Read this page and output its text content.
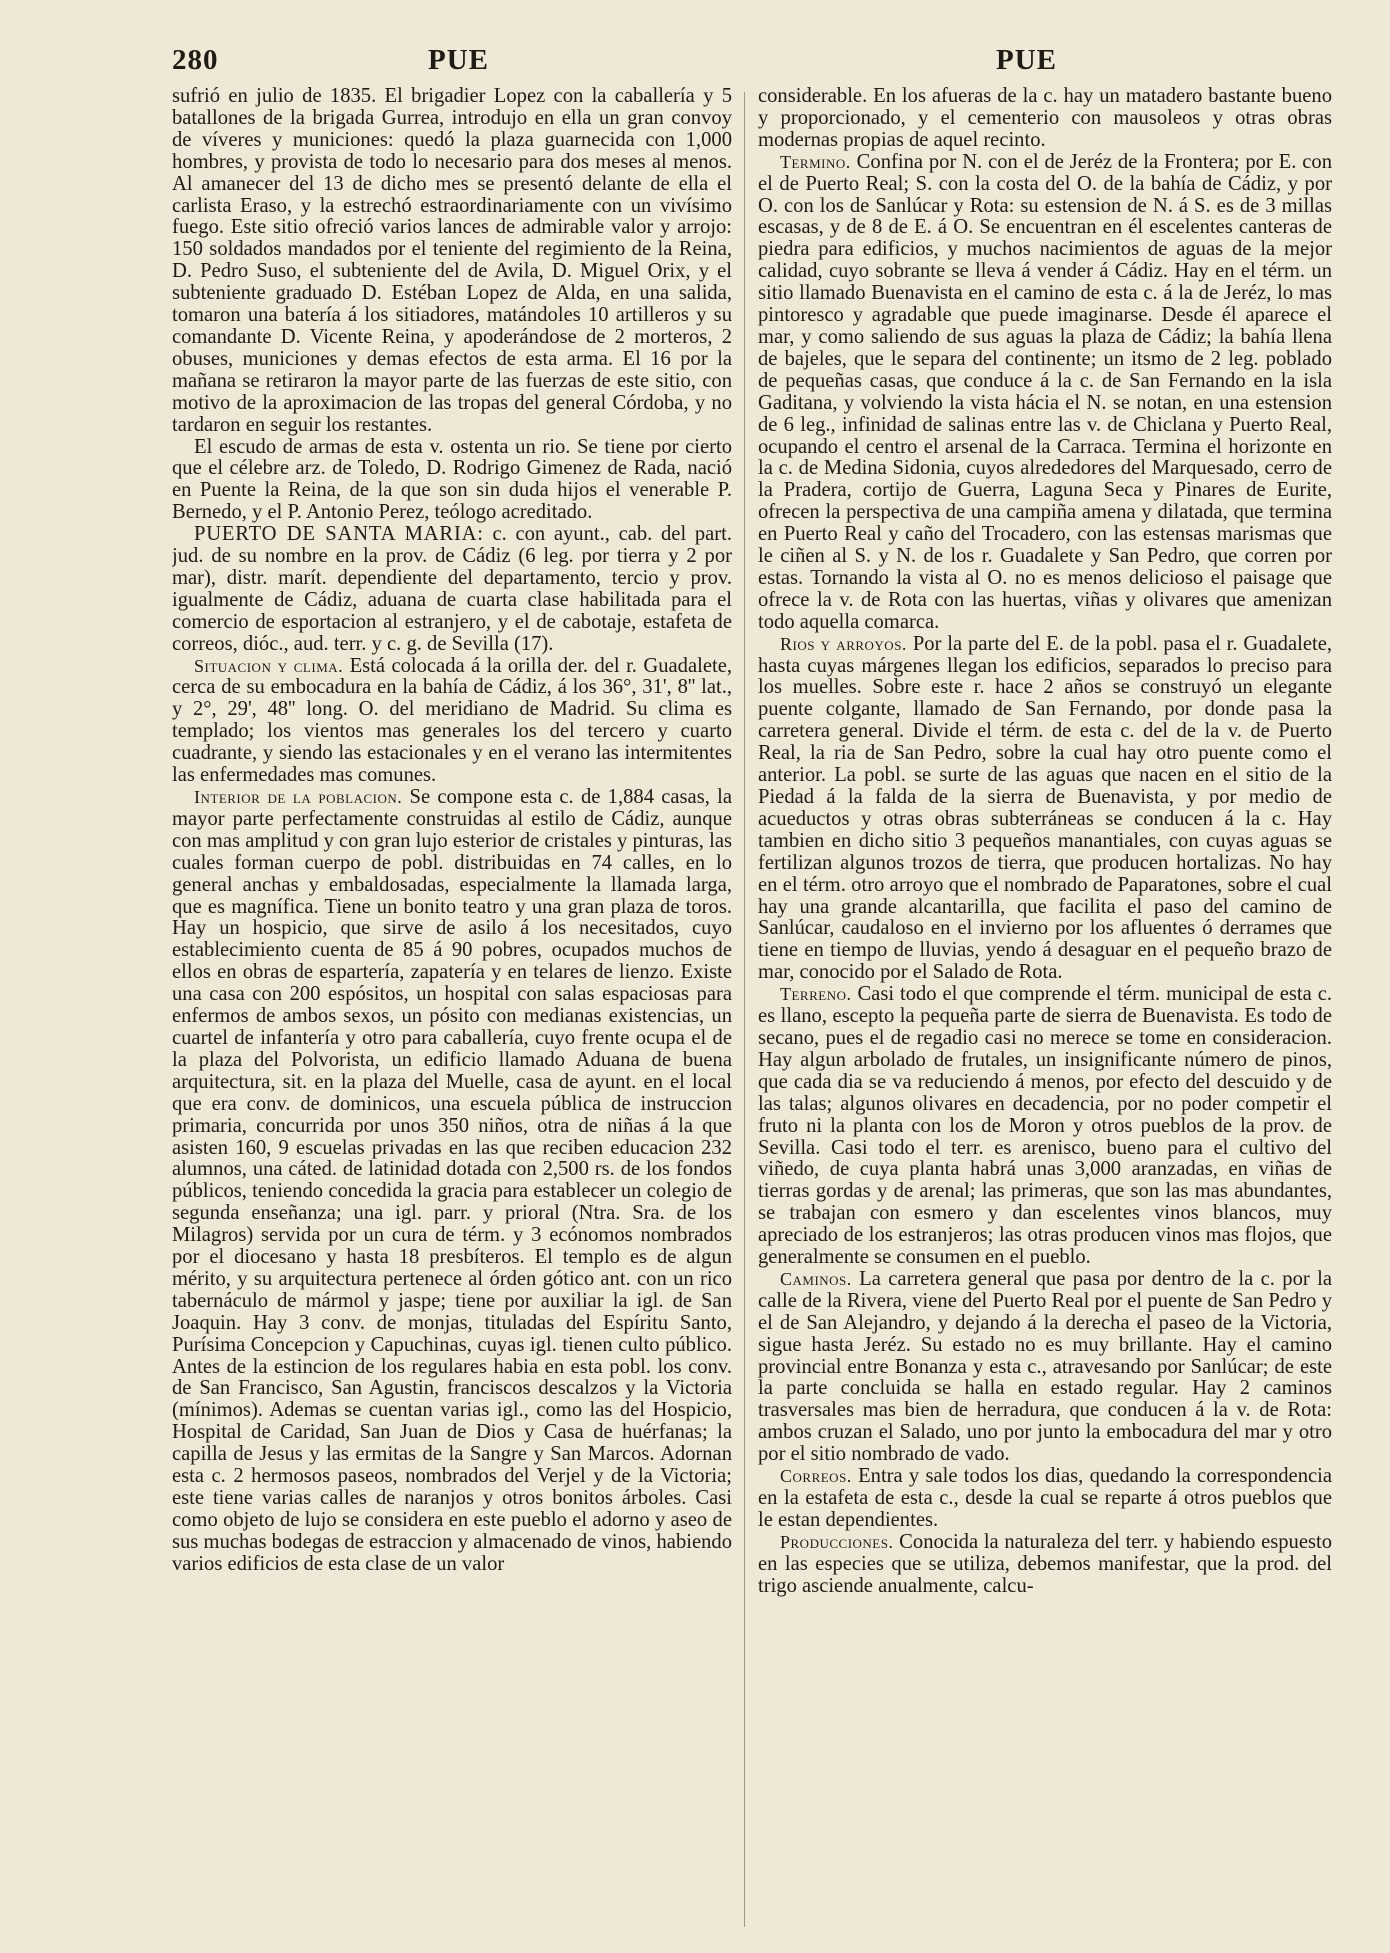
280	PUE	PUE

sufrió en julio de 1835. El brigadier Lopez con la caballería y 5 batallones de la brigada Gurrea, introdujo en ella un gran convoy de víveres y municiones: quedó la plaza guarnecida con 1,000 hombres, y provista de todo lo necesario para dos meses al menos. Al amanecer del 13 de dicho mes se presentó delante de ella el carlista Eraso, y la estrechó estraordinariamente con un vivísimo fuego. Este sitio ofreció varios lances de admirable valor y arrojo: 150 soldados mandados por el teniente del regimiento de la Reina, D. Pedro Suso, el subteniente del de Avila, D. Miguel Orix, y el subteniente graduado D. Estéban Lopez de Alda, en una salida, tomaron una batería á los sitiadores, matándoles 10 artilleros y su comandante D. Vicente Reina, y apoderándose de 2 morteros, 2 obuses, municiones y demas efectos de esta arma. El 16 por la mañana se retiraron la mayor parte de las fuerzas de este sitio, con motivo de la aproximacion de las tropas del general Córdoba, y no tardaron en seguir los restantes.

El escudo de armas de esta v. ostenta un rio. Se tiene por cierto que el célebre arz. de Toledo, D. Rodrigo Gimenez de Rada, nació en Puente la Reina, de la que son sin duda hijos el venerable P. Bernedo, y el P. Antonio Perez, teólogo acreditado.

PUERTO DE SANTA MARIA: c. con ayunt., cab. del part. jud. de su nombre en la prov. de Cádiz (6 leg. por tierra y 2 por mar), distr. marít. dependiente del departamento, tercio y prov. igualmente de Cádiz, aduana de cuarta clase habilitada para el comercio de esportacion al estranjero, y el de cabotaje, estafeta de correos, dióc., aud. terr. y c. g. de Sevilla (17).

Situacion y clima. Está colocada á la orilla der. del r. Guadalete, cerca de su embocadura en la bahía de Cádiz, á los 36°, 31', 8'' lat., y 2°, 29', 48'' long. O. del meridiano de Madrid. Su clima es templado; los vientos mas generales los del tercero y cuarto cuadrante, y siendo las estacionales y en el verano las intermitentes las enfermedades mas comunes.

Interior de la poblacion. Se compone esta c. de 1,884 casas, la mayor parte perfectamente construidas al estilo de Cádiz, aunque con mas amplitud y con gran lujo esterior de cristales y pinturas, las cuales forman cuerpo de pobl. distribuidas en 74 calles, en lo general anchas y embaldosadas, especialmente la llamada larga, que es magnífica. Tiene un bonito teatro y una gran plaza de toros. Hay un hospicio, que sirve de asilo á los necesitados, cuyo establecimiento cuenta de 85 á 90 pobres, ocupados muchos de ellos en obras de espartería, zapatería y en telares de lienzo. Existe una casa con 200 espósitos, un hospital con salas espaciosas para enfermos de ambos sexos, un pósito con medianas existencias, un cuartel de infantería y otro para caballería, cuyo frente ocupa el de la plaza del Polvorista, un edificio llamado Aduana de buena arquitectura, sit. en la plaza del Muelle, casa de ayunt. en el local que era conv. de dominicos, una escuela pública de instruccion primaria, concurrida por unos 350 niños, otra de niñas á la que asisten 160, 9 escuelas privadas en las que reciben educacion 232 alumnos, una cáted. de latinidad dotada con 2,500 rs. de los fondos públicos, teniendo concedida la gracia para establecer un colegio de segunda enseñanza; una igl. parr. y prioral (Ntra. Sra. de los Milagros) servida por un cura de térm. y 3 ecónomos nombrados por el diocesano y hasta 18 presbíteros. El templo es de algun mérito, y su arquitectura pertenece al órden gótico ant. con un rico tabernáculo de mármol y jaspe; tiene por auxiliar la igl. de San Joaquin. Hay 3 conv. de monjas, tituladas del Espíritu Santo, Purísima Concepcion y Capuchinas, cuyas igl. tienen culto público. Antes de la estincion de los regulares habia en esta pobl. los conv. de San Francisco, San Agustin, franciscos descalzos y la Victoria (mínimos). Ademas se cuentan varias igl., como las del Hospicio, Hospital de Caridad, San Juan de Dios y Casa de huérfanas; la capilla de Jesus y las ermitas de la Sangre y San Marcos. Adornan esta c. 2 hermosos paseos, nombrados del Verjel y de la Victoria; este tiene varias calles de naranjos y otros bonitos árboles. Casi como objeto de lujo se considera en este pueblo el adorno y aseo de sus muchas bodegas de estraccion y almacenado de vinos, habiendo varios edificios de esta clase de un valor

considerable. En los afueras de la c. hay un matadero bastante bueno y proporcionado, y el cementerio con mausoleos y otras obras modernas propias de aquel recinto.

Termino. Confina por N. con el de Jeréz de la Frontera; por E. con el de Puerto Real; S. con la costa del O. de la bahía de Cádiz, y por O. con los de Sanlúcar y Rota: su estension de N. á S. es de 3 millas escasas, y de 8 de E. á O. Se encuentran en él escelentes canteras de piedra para edificios, y muchos nacimientos de aguas de la mejor calidad, cuyo sobrante se lleva á vender á Cádiz. Hay en el térm. un sitio llamado Buenavista en el camino de esta c. á la de Jeréz, lo mas pintoresco y agradable que puede imaginarse. Desde él aparece el mar, y como saliendo de sus aguas la plaza de Cádiz; la bahía llena de bajeles, que le separa del continente; un itsmo de 2 leg. poblado de pequeñas casas, que conduce á la c. de San Fernando en la isla Gaditana, y volviendo la vista hácia el N. se notan, en una estension de 6 leg., infinidad de salinas entre las v. de Chiclana y Puerto Real, ocupando el centro el arsenal de la Carraca. Termina el horizonte en la c. de Medina Sidonia, cuyos alrededores del Marquesado, cerro de la Pradera, cortijo de Guerra, Laguna Seca y Pinares de Eurite, ofrecen la perspectiva de una campiña amena y dilatada, que termina en Puerto Real y caño del Trocadero, con las estensas marismas que le ciñen al S. y N. de los r. Guadalete y San Pedro, que corren por estas. Tornando la vista al O. no es menos delicioso el paisage que ofrece la v. de Rota con las huertas, viñas y olivares que amenizan todo aquella comarca.

Rios y arroyos. Por la parte del E. de la pobl. pasa el r. Guadalete, hasta cuyas márgenes llegan los edificios, separados lo preciso para los muelles. Sobre este r. hace 2 años se construyó un elegante puente colgante, llamado de San Fernando, por donde pasa la carretera general. Divide el térm. de esta c. del de la v. de Puerto Real, la ria de San Pedro, sobre la cual hay otro puente como el anterior. La pobl. se surte de las aguas que nacen en el sitio de la Piedad á la falda de la sierra de Buenavista, y por medio de acueductos y otras obras subterráneas se conducen á la c. Hay tambien en dicho sitio 3 pequeños manantiales, con cuyas aguas se fertilizan algunos trozos de tierra, que producen hortalizas. No hay en el térm. otro arroyo que el nombrado de Paparatones, sobre el cual hay una grande alcantarilla, que facilita el paso del camino de Sanlúcar, caudaloso en el invierno por los afluentes ó derrames que tiene en tiempo de lluvias, yendo á desaguar en el pequeño brazo de mar, conocido por el Salado de Rota.

Terreno. Casi todo el que comprende el térm. municipal de esta c. es llano, escepto la pequeña parte de sierra de Buenavista. Es todo de secano, pues el de regadio casi no merece se tome en consideracion. Hay algun arbolado de frutales, un insignificante número de pinos, que cada dia se va reduciendo á menos, por efecto del descuido y de las talas; algunos olivares en decadencia, por no poder competir el fruto ni la planta con los de Moron y otros pueblos de la prov. de Sevilla. Casi todo el terr. es arenisco, bueno para el cultivo del viñedo, de cuya planta habrá unas 3,000 aranzadas, en viñas de tierras gordas y de arenal; las primeras, que son las mas abundantes, se trabajan con esmero y dan escelentes vinos blancos, muy apreciado de los estranjeros; las otras producen vinos mas flojos, que generalmente se consumen en el pueblo.

Caminos. La carretera general que pasa por dentro de la c. por la calle de la Rivera, viene del Puerto Real por el puente de San Pedro y el de San Alejandro, y dejando á la derecha el paseo de la Victoria, sigue hasta Jeréz. Su estado no es muy brillante. Hay el camino provincial entre Bonanza y esta c., atravesando por Sanlúcar; de este la parte concluida se halla en estado regular. Hay 2 caminos trasversales mas bien de herradura, que conducen á la v. de Rota: ambos cruzan el Salado, uno por junto la embocadura del mar y otro por el sitio nombrado de vado.

Correos. Entra y sale todos los dias, quedando la correspondencia en la estafeta de esta c., desde la cual se reparte á otros pueblos que le estan dependientes.

Producciones. Conocida la naturaleza del terr. y habiendo espuesto en las especies que se utiliza, debemos manifestar, que la prod. del trigo asciende anualmente, calcu-
